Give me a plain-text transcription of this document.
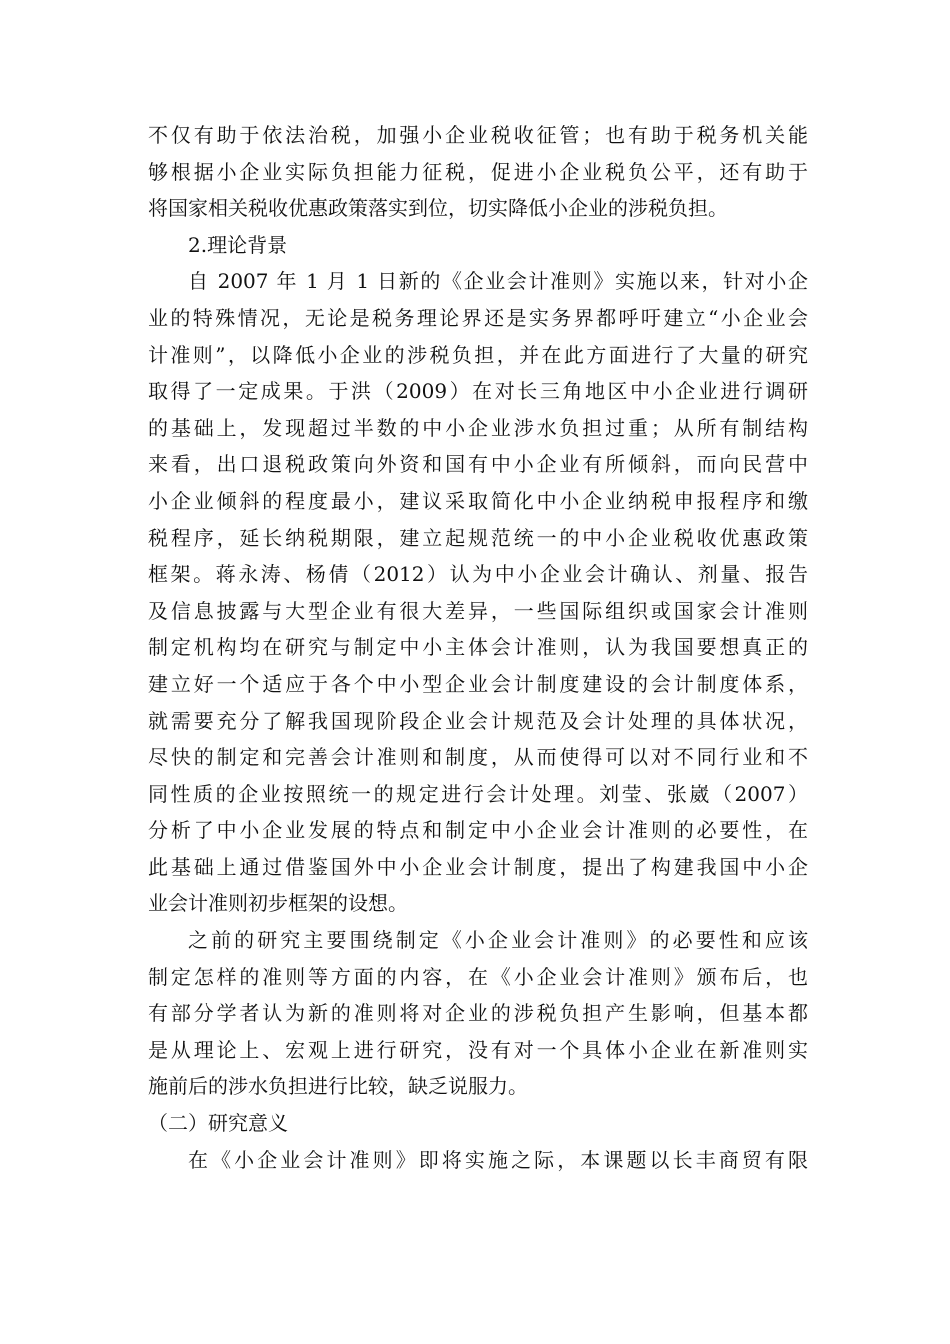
不仅有助于依法治税，加强小企业税收征管；也有助于税务机关能
够根据小企业实际负担能力征税，促进小企业税负公平，还有助于
将国家相关税收优惠政策落实到位，切实降低小企业的涉税负担。
2.理论背景
自 2007 年 1 月 1 日新的《企业会计准则》实施以来，针对小企
业的特殊情况，无论是税务理论界还是实务界都呼吁建立“小企业会
计准则”，以降低小企业的涉税负担，并在此方面进行了大量的研究
取得了一定成果。于洪（2009）在对长三角地区中小企业进行调研
的基础上，发现超过半数的中小企业涉水负担过重；从所有制结构
来看，出口退税政策向外资和国有中小企业有所倾斜，而向民营中
小企业倾斜的程度最小，建议采取简化中小企业纳税申报程序和缴
税程序，延长纳税期限，建立起规范统一的中小企业税收优惠政策
框架。蒋永涛、杨倩（2012）认为中小企业会计确认、剂量、报告
及信息披露与大型企业有很大差异，一些国际组织或国家会计准则
制定机构均在研究与制定中小主体会计准则，认为我国要想真正的
建立好一个适应于各个中小型企业会计制度建设的会计制度体系，
就需要充分了解我国现阶段企业会计规范及会计处理的具体状况，
尽快的制定和完善会计准则和制度，从而使得可以对不同行业和不
同性质的企业按照统一的规定进行会计处理。刘莹、张崴（2007）
分析了中小企业发展的特点和制定中小企业会计准则的必要性，在
此基础上通过借鉴国外中小企业会计制度，提出了构建我国中小企
业会计准则初步框架的设想。
之前的研究主要围绕制定《小企业会计准则》的必要性和应该
制定怎样的准则等方面的内容，在《小企业会计准则》颁布后，也
有部分学者认为新的准则将对企业的涉税负担产生影响，但基本都
是从理论上、宏观上进行研究，没有对一个具体小企业在新准则实
施前后的涉水负担进行比较，缺乏说服力。
（二）研究意义
在《小企业会计准则》即将实施之际，本课题以长丰商贸有限
